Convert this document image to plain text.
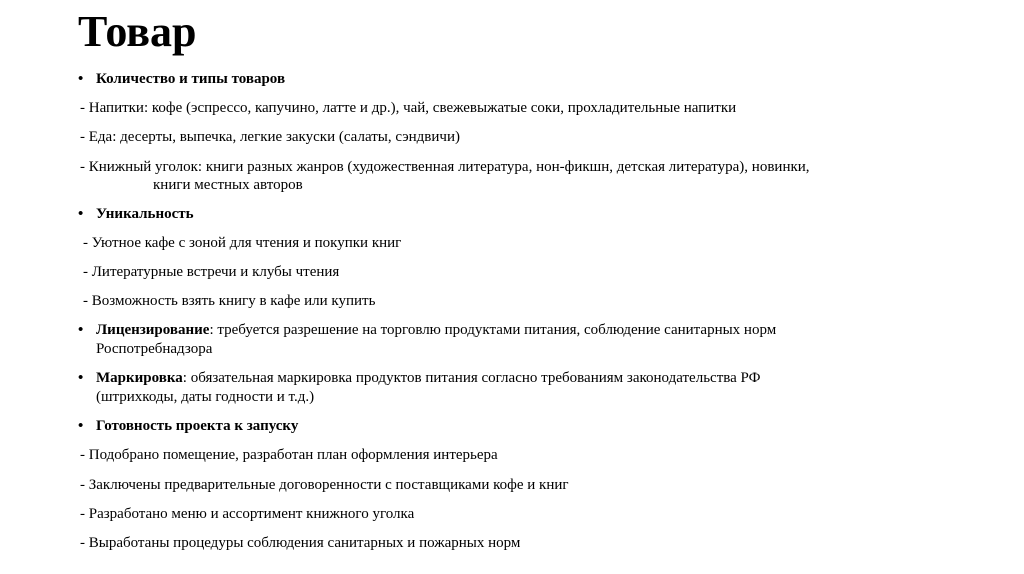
Товар
• Количество и типы товаров
- Напитки: кофе (эспрессо, капучино, латте и др.), чай, свежевыжатые соки, прохладительные напитки
- Еда: десерты, выпечка, легкие закуски (салаты, сэндвичи)
- Книжный уголок: книги разных жанров (художественная литература, нон-фикшн, детская литература), новинки,
книги местных авторов
• Уникальность
- Уютное кафе с зоной для чтения и покупки книг
- Литературные встречи и клубы чтения
- Возможность взять книгу в кафе или купить
• Лицензирование: требуется разрешение на торговлю продуктами питания, соблюдение санитарных норм
Роспотребнадзора
• Маркировка: обязательная маркировка продуктов питания согласно требованиям законодательства РФ
(штрихкоды, даты годности и т.д.)
• Готовность проекта к запуску
- Подобрано помещение, разработан план оформления интерьера
- Заключены предварительные договоренности с поставщиками кофе и книг
- Разработано меню и ассортимент книжного уголка
- Выработаны процедуры соблюдения санитарных и пожарных норм
